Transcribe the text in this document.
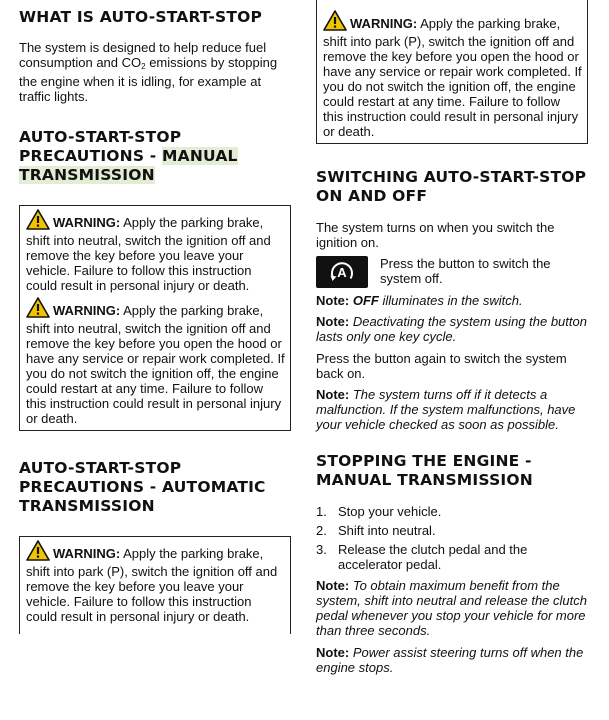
WHAT IS AUTO-START-STOP

The system is designed to help reduce fuel consumption and $CO_2$ emissions by stopping the engine when it is idling, for example at traffic lights.

AUTO-START-STOP PRECAUTIONS - MANUAL TRANSMISSION
WARNING: Apply the parking brake, shift into neutral, switch the ignition off and remove the key before you leave your vehicle. Failure to follow this instruction could result in personal injury or death.
WARNING: Apply the parking brake, shift into neutral, switch the ignition off and remove the key before you open the hood or have any service or repair work completed. If you do not switch the ignition off, the engine could restart at any time. Failure to follow this instruction could result in personal injury or death.
AUTO-START-STOP PRECAUTIONS - AUTOMATIC TRANSMISSION
WARNING: Apply the parking brake, shift into park (P), switch the ignition off and remove the key before you leave your vehicle. Failure to follow this instruction could result in personal injury or death.
WARNING: Apply the parking brake, shift into park (P), switch the ignition off and remove the key before you open the hood or have any service or repair work completed. If you do not switch the ignition off, the engine could restart at any time. Failure to follow this instruction could result in personal injury or death.
SWITCHING AUTO-START-STOP ON AND OFF

The system turns on when you switch the ignition on.

A

Press the button to switch the system off.

Note: OFF illuminates in the switch.

Note: Deactivating the system using the button lasts only one key cycle.

Press the button again to switch the system back on.

Note: The system turns off if it detects a malfunction. If the system malfunctions, have your vehicle checked as soon as possible.

STOPPING THE ENGINE - MANUAL TRANSMISSION
1. Stop your vehicle.
2. Shift into neutral.
3. Release the clutch pedal and the accelerator pedal.

Note: To obtain maximum benefit from the system, shift into neutral and release the clutch pedal whenever you stop your vehicle for more than three seconds.

Note: Power assist steering turns off when the engine stops.
